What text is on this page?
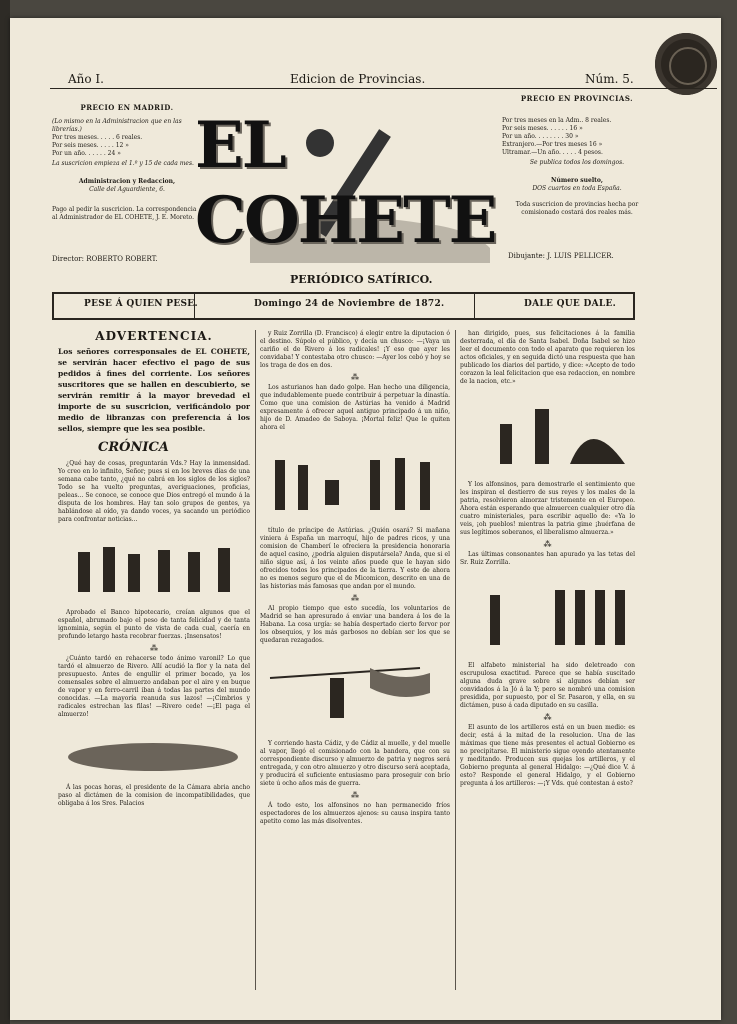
Año I.	Edicion de Provincias.	Núm. 5.
PRECIO EN MADRID.
(Lo mismo en la Administracion que en las librerías.)
Por tres meses. . . . . 6 reales.
Por seis meses. . . . . 12 »
Por un año. . . . . . 24 »
La suscricion empieza el 1.º y 15 de cada mes.
Administracion y Redaccion,
Calle del Aguardiente, 6.
Pago al pedir la suscricion. La correspondencia al Administrador de EL COHETE, J. E. Moreto.
Director: ROBERTO ROBERT.
EL COHETE
PERIÓDICO SATÍRICO.
PRECIO EN PROVINCIAS.
Por tres meses en la Adm.. 8 reales.
Por seis meses. . . . . . 16 »
Por un año. . . . . . . . 30 »
Extranjero.—Por tres meses 16 »
Ultramar.—Un año. . . . . 4 pesos.
Se publica todos los domingos.
Número suelto,
DOS cuartos en toda España.
Toda suscricion de provincias hecha por comisionado costará dos reales más.
Dibujante: J. LUIS PELLICER.
PESE Á QUIEN PESE.	Domingo 24 de Noviembre de 1872.	DALE QUE DALE.
ADVERTENCIA.
Los señores corresponsales de EL COHETE, se servirán hacer efectivo el pago de sus pedidos á fines del corriente. Los señores suscritores que se hallen en descubierto, se servirán remitir á la mayor brevedad el importe de su suscricion, verificándolo por medio de libranzas con preferencia á los sellos, siempre que les sea posible.
CRÓNICA

¿Qué hay de cosas, preguntarán Vds.? Hay la inmensidad. Yo creo en lo infinito, Señor; pues si en los breves días de una semana cabe tanto, ¿qué no cabrá en los siglos de los siglos? Todo se ha vuelto preguntas, averiguaciones, proficias, peleas... Se conoce, se conoce que Dios entregó el mundo á la disputa de los hombres. Hay tan solo grupos de gentes, ya hablándose al oído, ya dando voces, ya sacando un periódico para confrontar noticias...

Aprobado el Banco hipotecario, creían algunos que el español, abrumado bajo el peso de tanta felicidad y de tanta ignominia, según el punto de vista de cada cual, caería en profundo letargo hasta recobrar fuerzas. ¡Insensatos!

⁂

¿Cuánto tardó en rehacerse todo ánimo varonil? Lo que tardó el almuerzo de Rivero. Allí acudió la flor y la nata del presupuesto. Antes de engullir el primer bocado, ya los comensales sobre el almuerzo andaban por el aire y en buque de vapor y en ferro-carril iban á todas las partes del mundo conocidas. —La mayoría reanuda sus lazos! —¡Cimbrios y radicales estrechan las filas! —Rivero cede! —¡El paga el almuerzo!

Á las pocas horas, el presidente de la Cámara abria ancho paso al dictámen de la comision de incompatibilidades, que obligaba á los Sres. Palacios

y Ruiz Zorrilla (D. Francisco) á elegir entre la diputacion ó el destino. Súpolo el público, y decía un chusco: —¡Vaya un cariño el de Rivero á los radicales! ¡Y eso que ayer les convidaba! Y contestaba otro chusco: —Ayer los cebó y hoy se los traga de dos en dos.

⁂

Los asturianos han dado golpe. Han hecho una diligencia, que indudablemente puede contribuir á perpetuar la dinastía. Como que una comision de Astúrias ha venido á Madrid expresamente á ofrecer aquel antiguo principado á un niño, hijo de D. Amadeo de Saboya. ¡Mortal feliz! Que le quiten ahora el

título de príncipe de Astúrias. ¿Quién osará? Si mañana viniera á España un marroquí, hijo de padres ricos, y una comision de Chamberí le ofreciera la presidencia honoraria de aquel casino, ¿podría alguien disputársela? Anda, que si el niño sigue así, á los veinte años puede que le hayan sido ofrecidos todos los principados de la tierra. Y este de ahora no es menos seguro que el de Micomicon, descrito en una de las historias más famosas que andan por el mundo.

⁂

Al propio tiempo que esto sucedía, los voluntarios de Madrid se han apresurado á enviar una bandera á los de la Habana. La cosa urgía: se había despertado cierto fervor por los obsequios, y los más garbosos no debían ser los que se quedaran rezagados.

Y corriendo hasta Cádiz, y de Cádiz al muelle, y del muelle al vapor, llegó el comisionado con la bandera, que con su correspondiente discurso y almuerzo de patria y negros será entregada, y con otro almuerzo y otro discurso será aceptada, y producirá el suficiente entusiasmo para proseguir con brío siete ú ocho años más de guerra.

⁂

Á todo esto, los alfonsinos no han permanecido fríos espectadores de los almuerzos ajenos: su causa inspira tanto apetito como las más disolventes.

han dirigido, pues, sus felicitaciones á la familia desterrada, el día de Santa Isabel. Doña Isabel se hizo leer el documento con todo el aparato que requieren los actos oficiales, y en seguida dictó una respuesta que han publicado los diarios del partido, y dice: «Acepto de todo corazon la leal felicitacion que esa redaccion, en nombre de la nacion, etc.»

Y los alfonsinos, para demostrarle el sentimiento que les inspiran el destierro de sus reyes y los males de la patria, resolvieron almorzar tristemente en el Europeo. Ahora están esperando que almuercen cualquier otro día cuatro ministeriales, para escribir aquello de: «Ya lo veis, ¡oh pueblos! mientras la patria gime ¡huérfana de sus legítimos soberanos, el liberalismo almuerza.»

⁂

Las últimas consonantes han apurado ya las tetas del Sr. Ruiz Zorrilla.

El alfabeto ministerial ha sido deletreado con escrupulosa exactitud. Parece que se había suscitado alguna duda grave sobre si algunos debían ser convidados á la Jó á la Y; pero se nombró una comision presidida, por supuesto, por el Sr. Pasaron, y ella, en su dictámen, puso á cada diputado en su casilla.

⁂

El asunto de los artilleros está en un buen medio: es decir, está á la mitad de la resolucion. Una de las máximas que tiene más presentes el actual Gobierno es no precipitarse. El ministerio sigue oyendo atentamente y meditando. Producen sus quejas los artilleros, y el Gobierno pregunta al general Hidalgo: —¿Qué dice V. á esto? Responde el general Hidalgo, y el Gobierno pregunta á los artilleros: —¡Y Vds. qué contestan á esto?
